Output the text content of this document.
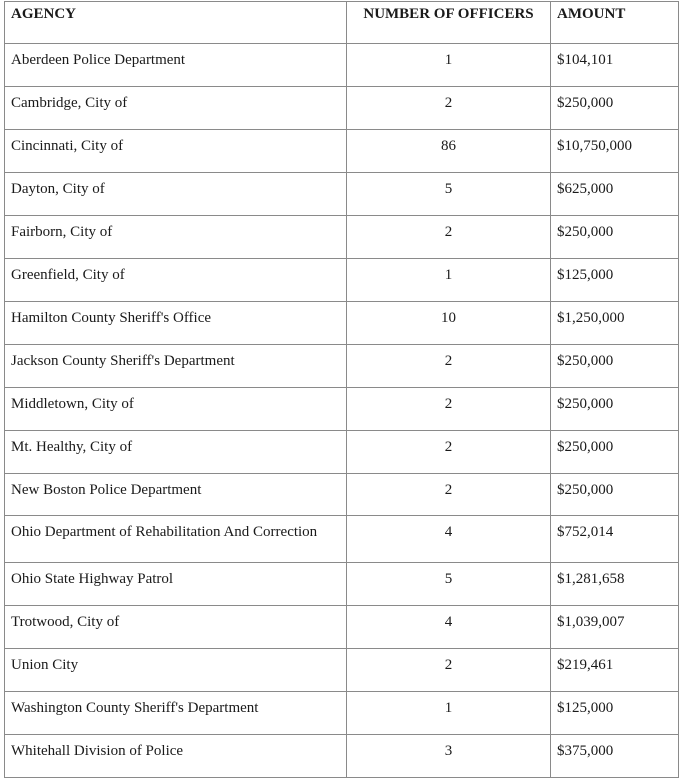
AGENCY	NUMBER OF OFFICERS	AMOUNT
Aberdeen Police Department	1	$104,101
Cambridge, City of	2	$250,000
Cincinnati, City of	86	$10,750,000
Dayton, City of	5	$625,000
Fairborn, City of	2	$250,000
Greenfield, City of	1	$125,000
Hamilton County Sheriff's Office	10	$1,250,000
Jackson County Sheriff's Department	2	$250,000
Middletown, City of	2	$250,000
Mt. Healthy, City of	2	$250,000
New Boston Police Department	2	$250,000
Ohio Department of Rehabilitation And Correction	4	$752,014
Ohio State Highway Patrol	5	$1,281,658
Trotwood, City of	4	$1,039,007
Union City	2	$219,461
Washington County Sheriff's Department	1	$125,000
Whitehall Division of Police	3	$375,000
